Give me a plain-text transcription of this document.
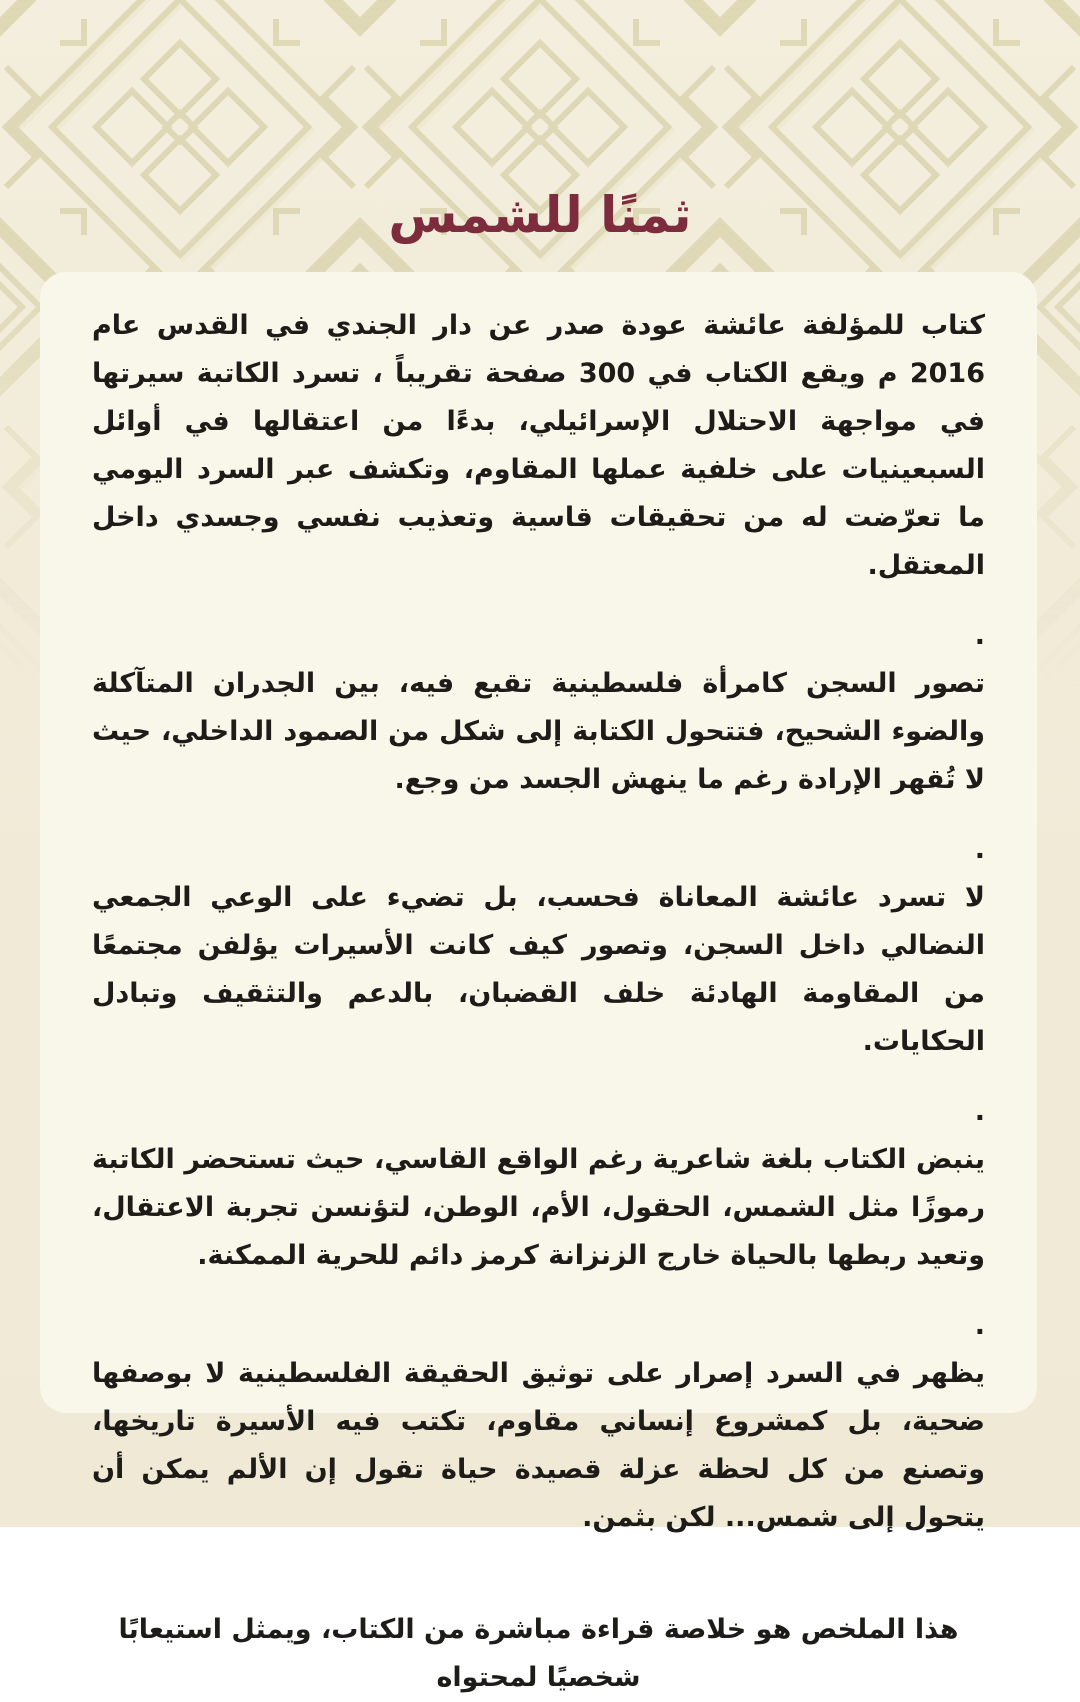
ثمنًا للشمس

كتاب للمؤلفة عائشة عودة صدر عن دار الجندي في القدس عام 2016 م ويقع الكتاب في 300 صفحة تقريباً ، تسرد الكاتبة سيرتها في مواجهة الاحتلال الإسرائيلي، بدءًا من اعتقالها في أوائل السبعينيات على خلفية عملها المقاوم، وتكشف عبر السرد اليومي ما تعرّضت له من تحقيقات قاسية وتعذيب نفسي وجسدي داخل المعتقل.

.

تصور السجن كامرأة فلسطينية تقبع فيه، بين الجدران المتآكلة والضوء الشحيح، فتتحول الكتابة إلى شكل من الصمود الداخلي، حيث لا تُقهر الإرادة رغم ما ينهش الجسد من وجع.

.

لا تسرد عائشة المعاناة فحسب، بل تضيء على الوعي الجمعي النضالي داخل السجن، وتصور كيف كانت الأسيرات يؤلفن مجتمعًا من المقاومة الهادئة خلف القضبان، بالدعم والتثقيف وتبادل الحكايات.

.

ينبض الكتاب بلغة شاعرية رغم الواقع القاسي، حيث تستحضر الكاتبة رموزًا مثل الشمس، الحقول، الأم، الوطن، لتؤنسن تجربة الاعتقال، وتعيد ربطها بالحياة خارج الزنزانة كرمز دائم للحرية الممكنة.

.

يظهر في السرد إصرار على توثيق الحقيقة الفلسطينية لا بوصفها ضحية، بل كمشروع إنساني مقاوم، تكتب فيه الأسيرة تاريخها، وتصنع من كل لحظة عزلة قصيدة حياة تقول إن الألم يمكن أن يتحول إلى شمس... لكن بثمن.

هذا الملخص هو خلاصة قراءة مباشرة من الكتاب، ويمثل استيعابًا شخصيًا لمحتواه
